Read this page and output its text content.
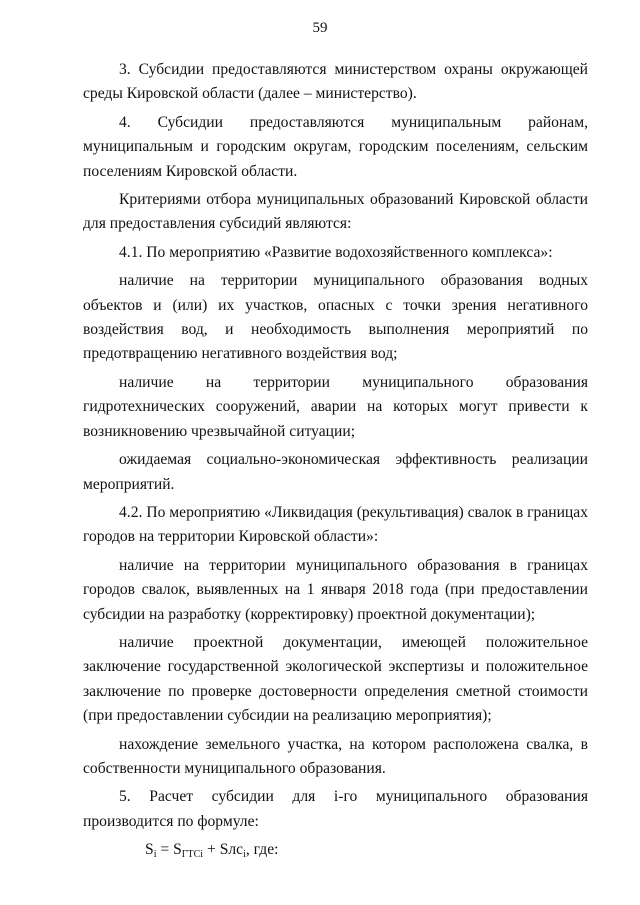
59

3. Субсидии предоставляются министерством охраны окружающей среды Кировской области (далее – министерство).

4. Субсидии предоставляются муниципальным районам, муниципальным и городским округам, городским поселениям, сельским поселениям Кировской области.

Критериями отбора муниципальных образований Кировской области для предоставления субсидий являются:

4.1. По мероприятию «Развитие водохозяйственного комплекса»:

наличие на территории муниципального образования водных объектов и (или) их участков, опасных с точки зрения негативного воздействия вод, и необходимость выполнения мероприятий по предотвращению негативного воздействия вод;

наличие на территории муниципального образования гидротехнических сооружений, аварии на которых могут привести к возникновению чрезвычайной ситуации;

ожидаемая социально-экономическая эффективность реализации мероприятий.

4.2. По мероприятию «Ликвидация (рекультивация) свалок в границах городов на территории Кировской области»:

наличие на территории муниципального образования в границах городов свалок, выявленных на 1 января 2018 года (при предоставлении субсидии на разработку (корректировку) проектной документации);

наличие проектной документации, имеющей положительное заключение государственной экологической экспертизы и положительное заключение по проверке достоверности определения сметной стоимости (при предоставлении субсидии на реализацию мероприятия);

нахождение земельного участка, на котором расположена свалка, в собственности муниципального образования.

5. Расчет субсидии для i-го муниципального образования производится по формуле:

$S_i = S_{ГТСi} + Sлс_i$, где:
